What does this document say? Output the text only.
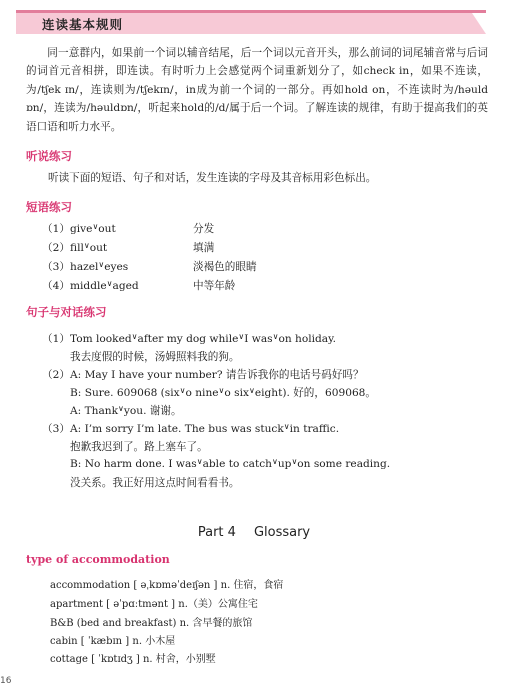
连读基本规则

同一意群内，如果前一个词以辅音结尾，后一个词以元音开头，那么前词的词尾辅音常与后词的词首元音相拼，即连读。有时听力上会感觉两个词重新划分了，如check in，如果不连读，为/tʃek ɪn/，连读则为/tʃekɪn/，in成为前一个词的一部分。再如hold on，不连读时为/həuld ɒn/，连读为/həuldɒn/，听起来hold的/d/属于后一个词。了解连读的规律，有助于提高我们的英语口语和听力水平。

听说练习
听读下面的短语、句子和对话，发生连读的字母及其音标用彩色标出。
短语练习
（1）give∨out	分发
（2）fill∨out	填满
（3）hazel∨eyes	淡褐色的眼睛
（4）middle∨aged	中等年龄
句子与对话练习
（1）Tom looked∨after my dog while∨I was∨on holiday.
我去度假的时候，汤姆照料我的狗。
（2）A: May I have your number? 请告诉我你的电话号码好吗？
B: Sure. 609068 (six∨o nine∨o six∨eight). 好的，609068。
A: Thank∨you. 谢谢。
（3）A: I’m sorry I’m late. The bus was stuck∨in traffic.
抱歉我迟到了。路上塞车了。
B: No harm done. I was∨able to catch∨up∨on some reading.
没关系。我正好用这点时间看看书。
Part 4 Glossary
type of accommodation
accommodation [ əˌkɒməˈdeɪʃən ] n. 住宿，食宿
apartment [ əˈpɑːtmənt ] n.（美）公寓住宅
B&B (bed and breakfast) n. 含早餐的旅馆
cabin [ ˈkæbɪn ] n. 小木屋
cottage [ ˈkɒtɪdʒ ] n. 村舍，小别墅
16
